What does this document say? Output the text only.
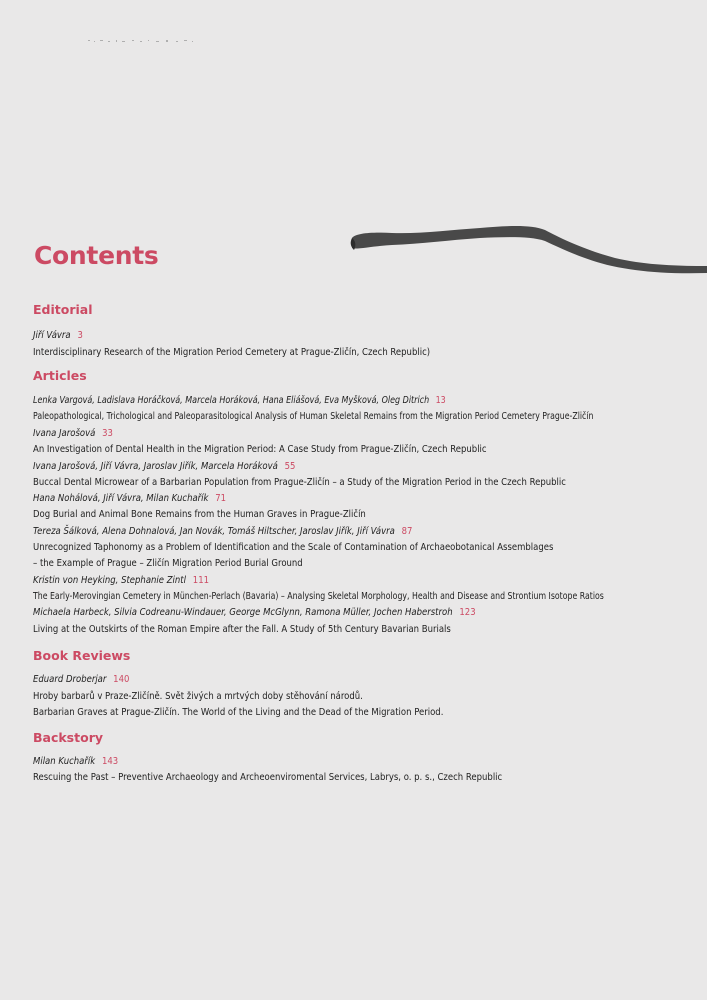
Contents
Editorial
Jiří Vávra 3
Interdisciplinary Research of the Migration Period Cemetery at Prague-Zličín, Czech Republic)
Articles
Lenka Vargová, Ladislava Horáčková, Marcela Horáková, Hana Eliášová, Eva Myšková, Oleg Ditrich 13
Paleopathological, Trichological and Paleoparasitological Analysis of Human Skeletal Remains from the Migration Period Cemetery Prague-Zličín
Ivana Jarošová 33
An Investigation of Dental Health in the Migration Period: A Case Study from Prague-Zličín, Czech Republic
Ivana Jarošová, Jiří Vávra, Jaroslav Jiřík, Marcela Horáková 55
Buccal Dental Microwear of a Barbarian Population from Prague-Zličín – a Study of the Migration Period in the Czech Republic
Hana Nohálová, Jiří Vávra, Milan Kuchařík 71
Dog Burial and Animal Bone Remains from the Human Graves in Prague-Zličín
Tereza Šálková, Alena Dohnalová, Jan Novák, Tomáš Hiltscher, Jaroslav Jiřík, Jiří Vávra 87
Unrecognized Taphonomy as a Problem of Identification and the Scale of Contamination of Archaeobotanical Assemblages
– the Example of Prague – Zličín Migration Period Burial Ground
Kristin von Heyking, Stephanie Zintl 111
The Early-Merovingian Cemetery in München-Perlach (Bavaria) – Analysing Skeletal Morphology, Health and Disease and Strontium Isotope Ratios
Michaela Harbeck, Silvia Codreanu-Windauer, George McGlynn, Ramona Müller, Jochen Haberstroh 123
Living at the Outskirts of the Roman Empire after the Fall. A Study of 5th Century Bavarian Burials
Book Reviews
Eduard Droberjar 140
Hroby barbarů v Praze-Zličíně. Svět živých a mrtvých doby stěhování národů.
Barbarian Graves at Prague-Zličín. The World of the Living and the Dead of the Migration Period.
Backstory
Milan Kuchařík 143
Rescuing the Past – Preventive Archaeology and Archeoenviromental Services, Labrys, o. p. s., Czech Republic
